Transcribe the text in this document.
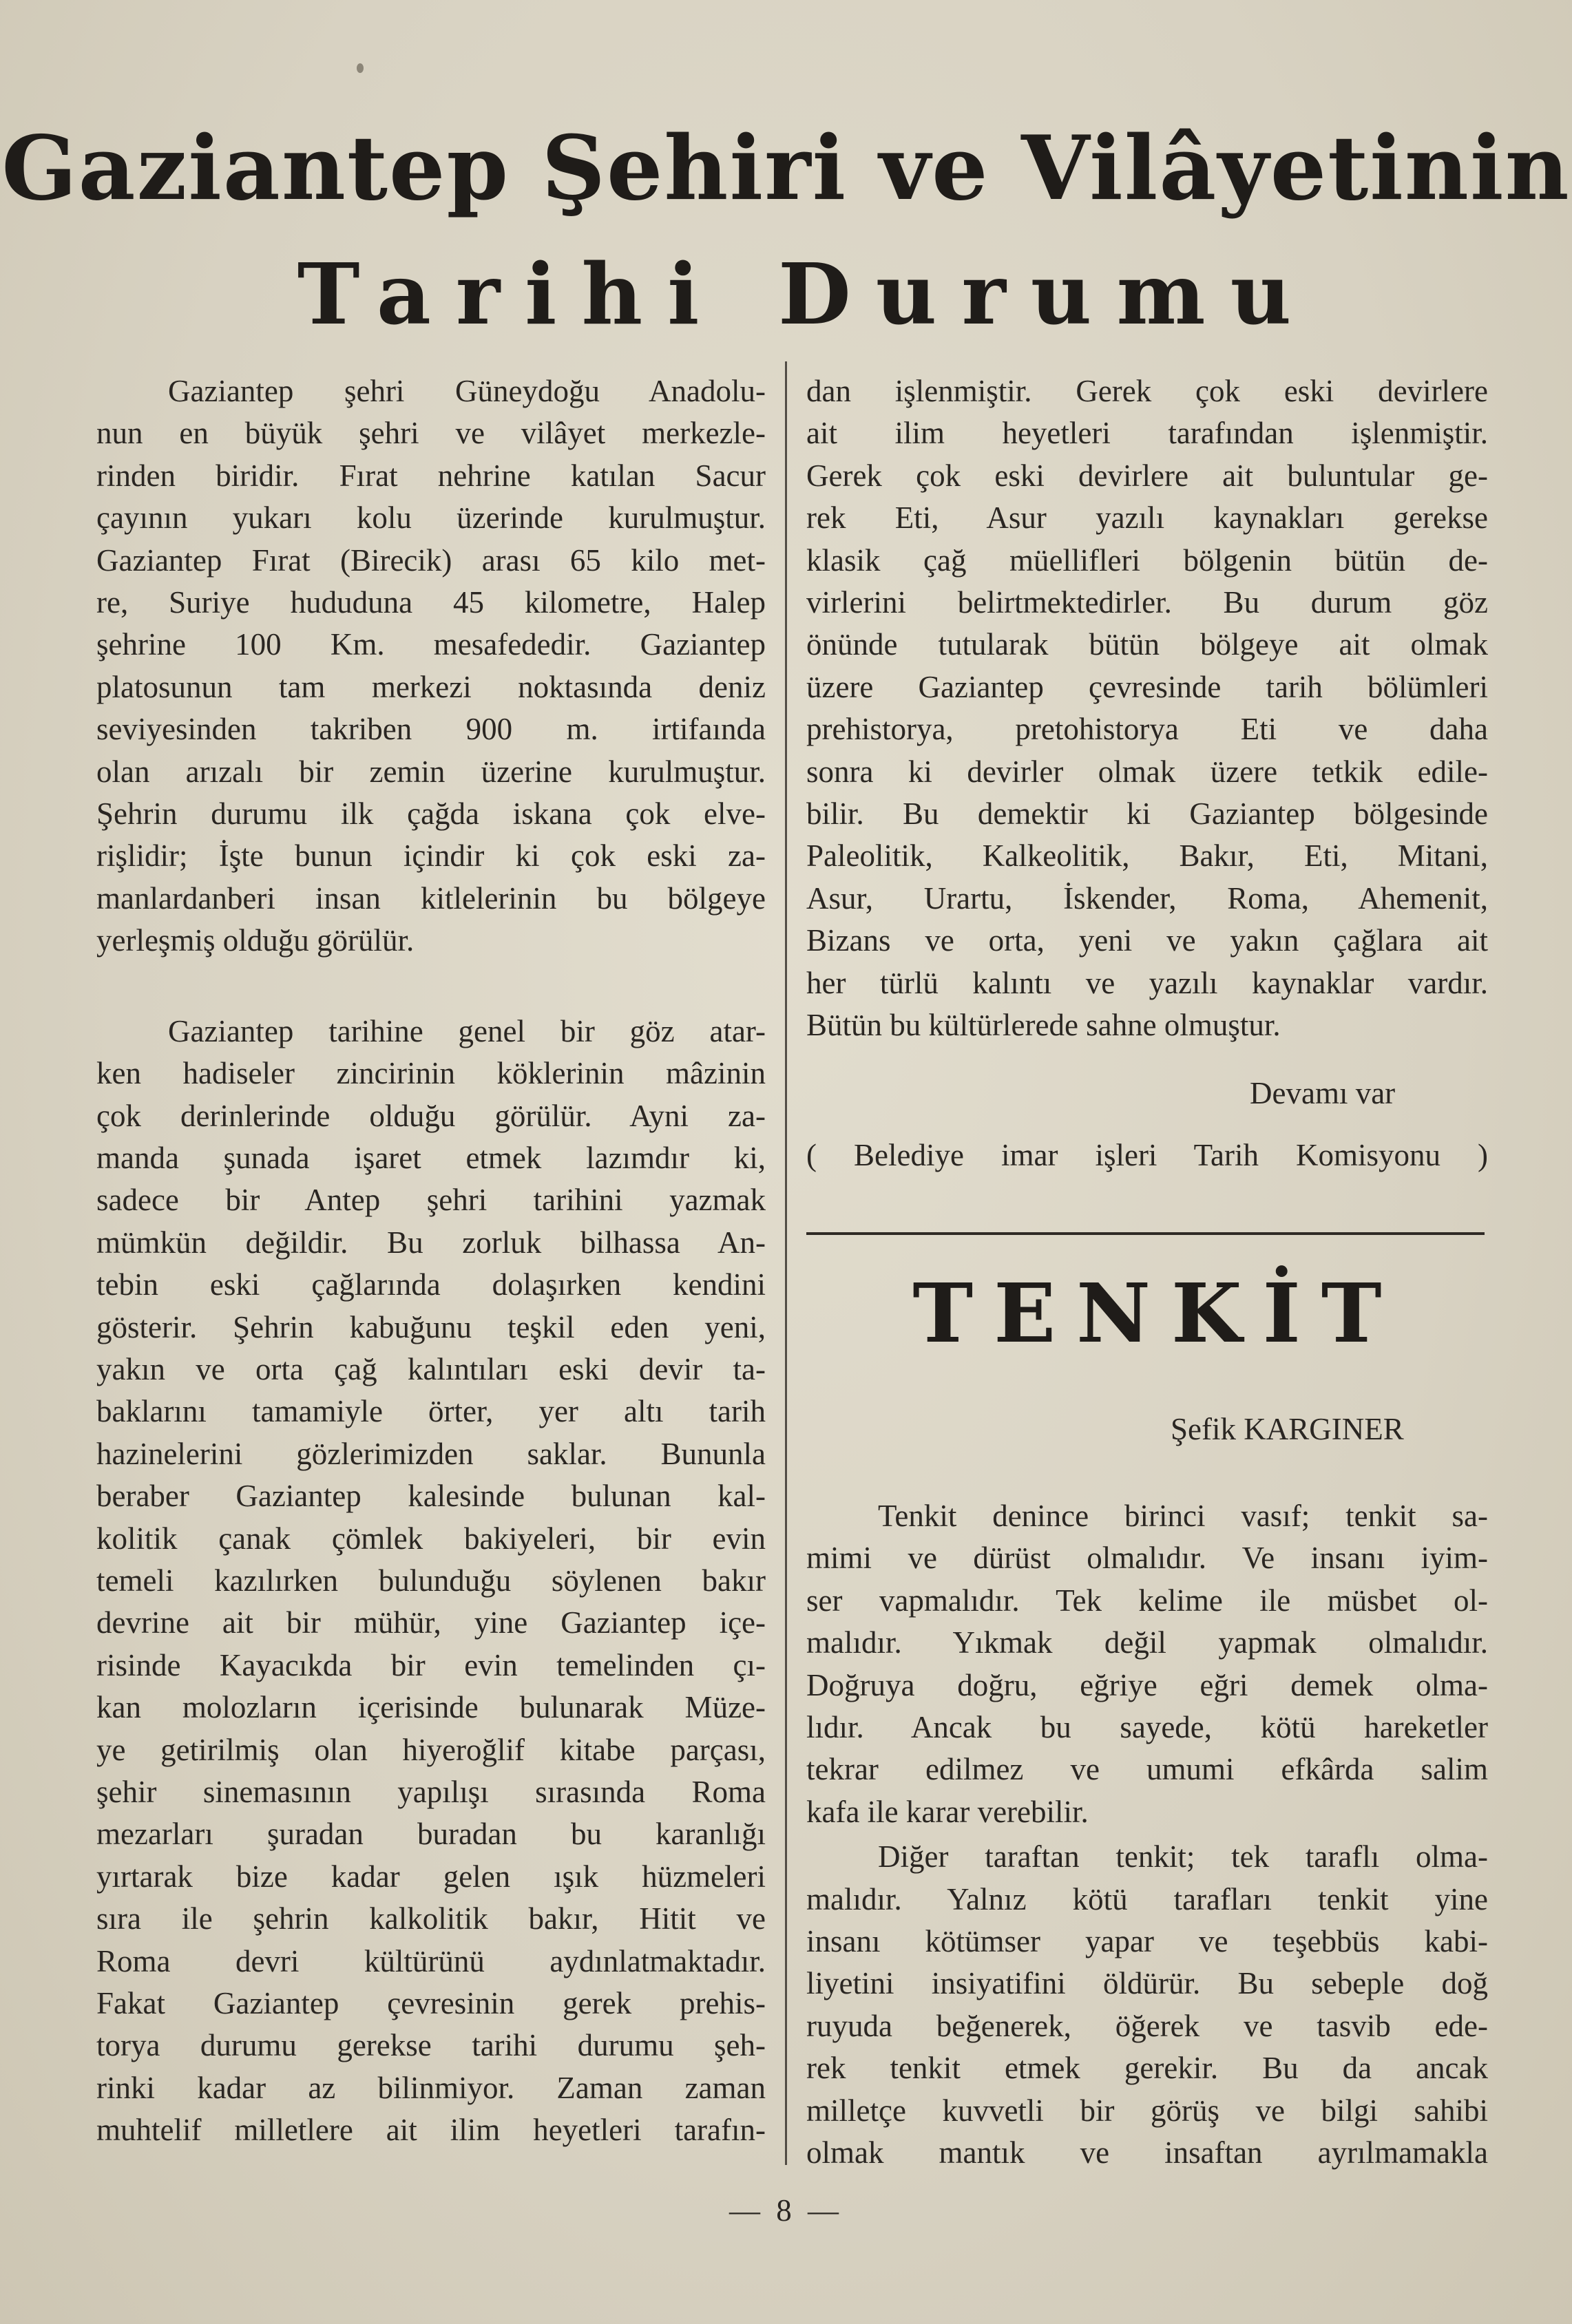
Gaziantep Şehiri ve Vilâyetinin
Tarihi Durumu

Gaziantep şehri Güneydoğu Anadolu-

nun en büyük şehri ve vilâyet merkezle-

rinden biridir. Fırat nehrine katılan Sacur

çayının yukarı kolu üzerinde kurulmuştur.

Gaziantep Fırat (Birecik) arası 65 kilo met-

re, Suriye hududuna 45 kilometre, Halep

şehrine 100 Km. mesafededir. Gaziantep

platosunun tam merkezi noktasında deniz

seviyesinden takriben 900 m. irtifaında

olan arızalı bir zemin üzerine kurulmuştur.

Şehrin durumu ilk çağda iskana çok elve-

rişlidir; İşte bunun içindir ki çok eski za-

manlardanberi insan kitlelerinin bu bölgeye

yerleşmiş olduğu görülür.

Gaziantep tarihine genel bir göz atar-

ken hadiseler zincirinin köklerinin mâzinin

çok derinlerinde olduğu görülür. Ayni za-

manda şunada işaret etmek lazımdır ki,

sadece bir Antep şehri tarihini yazmak

mümkün değildir. Bu zorluk bilhassa An-

tebin eski çağlarında dolaşırken kendini

gösterir. Şehrin kabuğunu teşkil eden yeni,

yakın ve orta çağ kalıntıları eski devir ta-

baklarını tamamiyle örter, yer altı tarih

hazinelerini gözlerimizden saklar. Bununla

beraber Gaziantep kalesinde bulunan kal-

kolitik çanak çömlek bakiyeleri, bir evin

temeli kazılırken bulunduğu söylenen bakır

devrine ait bir mühür, yine Gaziantep içe-

risinde Kayacıkda bir evin temelinden çı-

kan molozların içerisinde bulunarak Müze-

ye getirilmiş olan hiyeroğlif kitabe parçası,

şehir sinemasının yapılışı sırasında Roma

mezarları şuradan buradan bu karanlığı

yırtarak bize kadar gelen ışık hüzmeleri

sıra ile şehrin kalkolitik bakır, Hitit ve

Roma devri kültürünü aydınlatmaktadır.

Fakat Gaziantep çevresinin gerek prehis-

torya durumu gerekse tarihi durumu şeh-

rinki kadar az bilinmiyor. Zaman zaman

muhtelif milletlere ait ilim heyetleri tarafın-

dan işlenmiştir. Gerek çok eski devirlere

ait ilim heyetleri tarafından işlenmiştir.

Gerek çok eski devirlere ait buluntular ge-

rek Eti, Asur yazılı kaynakları gerekse

klasik çağ müellifleri bölgenin bütün de-

virlerini belirtmektedirler. Bu durum göz

önünde tutularak bütün bölgeye ait olmak

üzere Gaziantep çevresinde tarih bölümleri

prehistorya, pretohistorya Eti ve daha

sonra ki devirler olmak üzere tetkik edile-

bilir. Bu demektir ki Gaziantep bölgesinde

Paleolitik, Kalkeolitik, Bakır, Eti, Mitani,

Asur, Urartu, İskender, Roma, Ahemenit,

Bizans ve orta, yeni ve yakın çağlara ait

her türlü kalıntı ve yazılı kaynaklar vardır.

Bütün bu kültürlerede sahne olmuştur.

Devamı var
( Belediye imar işleri Tarih Komisyonu )
TENKİT
Şefik KARGINER

Tenkit denince birinci vasıf; tenkit sa-

mimi ve dürüst olmalıdır. Ve insanı iyim-

ser vapmalıdır. Tek kelime ile müsbet ol-

malıdır. Yıkmak değil yapmak olmalıdır.

Doğruya doğru, eğriye eğri demek olma-

lıdır. Ancak bu sayede, kötü hareketler

tekrar edilmez ve umumi efkârda salim

kafa ile karar verebilir.

Diğer taraftan tenkit; tek taraflı olma-

malıdır. Yalnız kötü tarafları tenkit yine

insanı kötümser yapar ve teşebbüs kabi-

liyetini insiyatifini öldürür. Bu sebeple doğ

ruyuda beğenerek, öğerek ve tasvib ede-

rek tenkit etmek gerekir. Bu da ancak

milletçe kuvvetli bir görüş ve bilgi sahibi

olmak mantık ve insaftan ayrılmamakla

— 8 —
